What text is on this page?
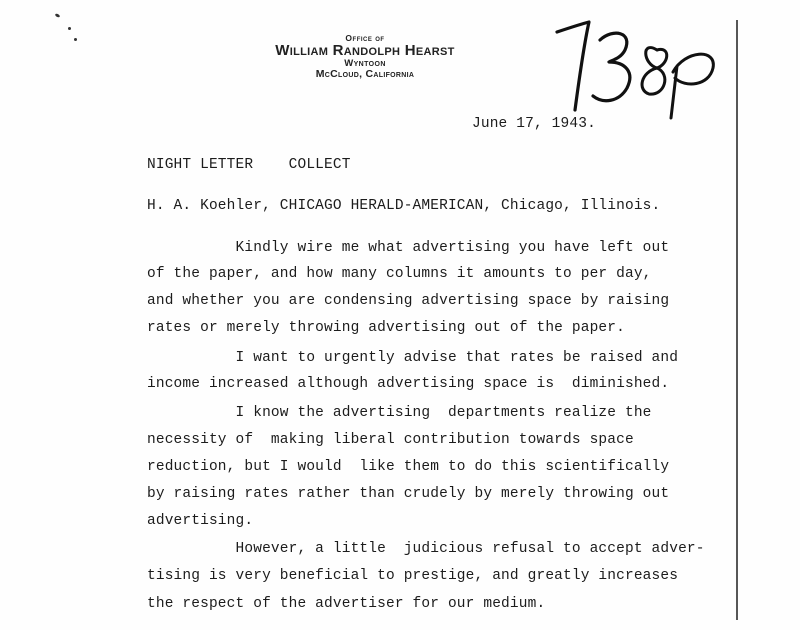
Office of
William Randolph Hearst
Wyntoon
McCloud, California
June 17, 1943.
NIGHT LETTER    COLLECT
H. A. Koehler, CHICAGO HERALD-AMERICAN, Chicago, Illinois.
Kindly wire me what advertising you have left out
of the paper, and how many columns it amounts to per day,
and whether you are condensing advertising space by raising
rates or merely throwing advertising out of the paper.
I want to urgently advise that rates be raised and
income increased although advertising space is  diminished.
I know the advertising  departments realize the
necessity of  making liberal contribution towards space
reduction, but I would  like them to do this scientifically
by raising rates rather than crudely by merely throwing out
advertising.
However, a little  judicious refusal to accept adver-
tising is very beneficial to prestige, and greatly increases
the respect of the advertiser for our medium.
